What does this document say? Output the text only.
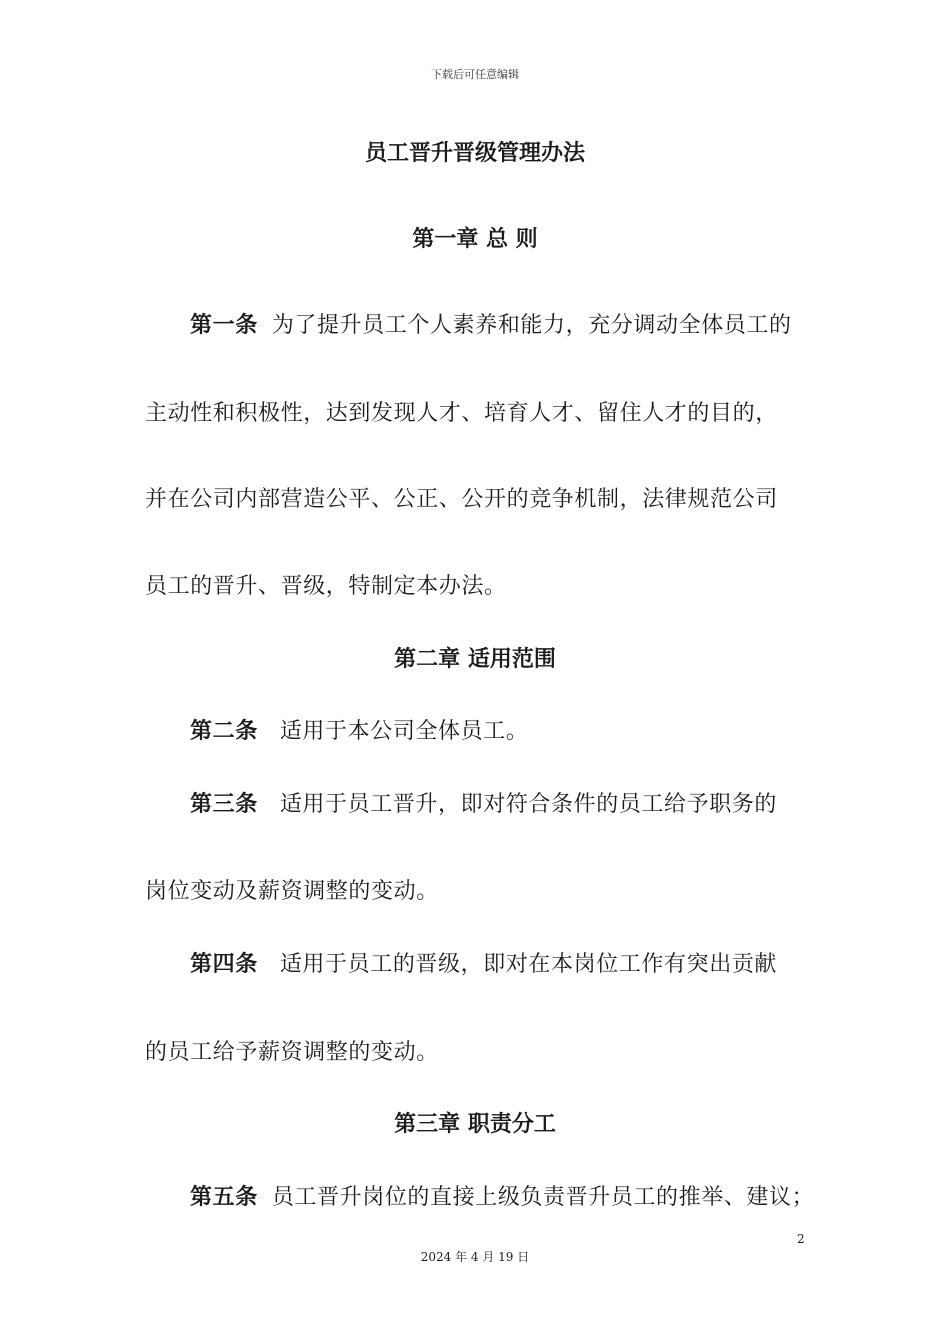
下载后可任意编辑
员工晋升晋级管理办法
第一章 总 则
第一条 为了提升员工个人素养和能力，充分调动全体员工的
主动性和积极性，达到发现人才、培育人才、留住人才的目的，
并在公司内部营造公平、公正、公开的竞争机制，法律规范公司
员工的晋升、晋级，特制定本办法。
第二章 适用范围
第二条 适用于本公司全体员工。
第三条 适用于员工晋升，即对符合条件的员工给予职务的
岗位变动及薪资调整的变动。
第四条 适用于员工的晋级，即对在本岗位工作有突出贡献
的员工给予薪资调整的变动。
第三章 职责分工
第五条 员工晋升岗位的直接上级负责晋升员工的推举、建议；
2
2024 年 4 月 19 日
